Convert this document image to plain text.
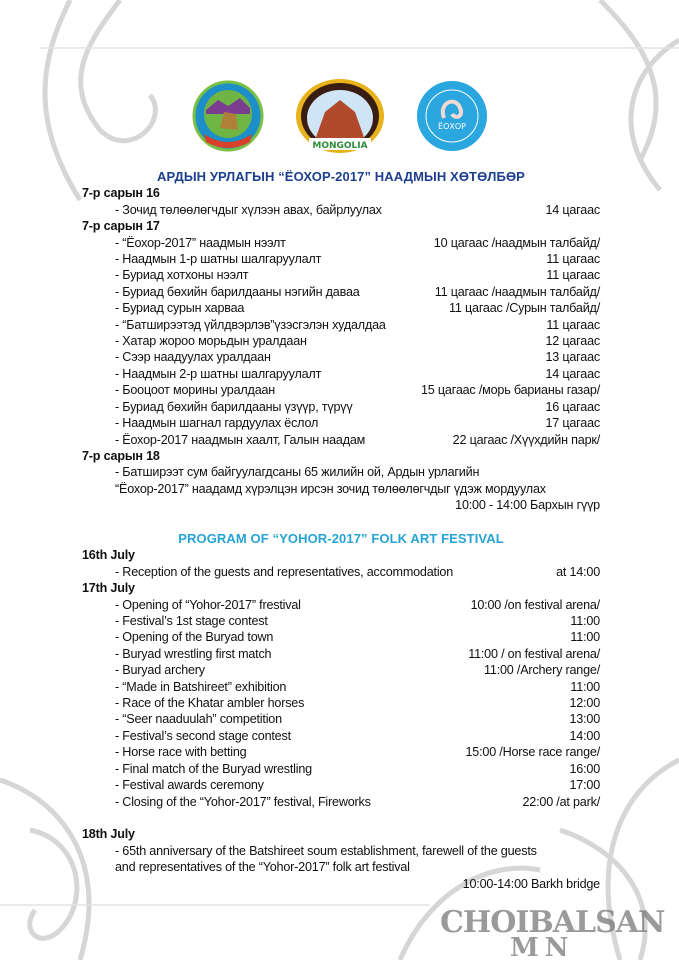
MONGOLIA
ЁОХОР
АРДЫН УРЛАГЫН “ЁОХОР-2017” НААДМЫН ХӨТӨЛБӨР
7-р сарын 16
- Зочид төлөөлөгчдыг хүлээн авах, байрлуулах	14 цагаас
7-р сарын 17
- “Ёохор-2017” наадмын нээлт	10 цагаас /наадмын талбайд/
- Наадмын 1-р шатны шалгаруулалт	11 цагаас
- Буриад хотхоны нээлт	11 цагаас
- Буриад бөхийн барилдааны нэгийн даваа	11 цагаас /наадмын талбайд/
- Буриад сурын харваа	11 цагаас /Сурын талбайд/
- “Батширээтэд үйлдвэрлэв”үзэсгэлэн худалдаа	11 цагаас
- Хатар жороо морьдын уралдаан	12 цагаас
- Сээр наадуулах уралдаан	13 цагаас
- Наадмын 2-р шатны шалгаруулалт	14 цагаас
- Бооцоот морины уралдаан	15 цагаас /морь барианы газар/
- Буриад бөхийн барилдааны үзүүр, түрүү	16 цагаас
- Наадмын шагнал гардуулах ёслол	17 цагаас
- Ёохор-2017 наадмын хаалт, Галын наадам	22 цагаас /Хүүхдийн парк/
7-р сарын 18
- Батширээт сум байгуулагдсаны 65 жилийн ой, Ардын урлагийн
“Ёохор-2017” наадамд хүрэлцэн ирсэн зочид төлөөлөгчдыг үдэж мордуулах
10:00 - 14:00 Бархын гүүр
PROGRAM OF “YOHOR-2017” FOLK ART FESTIVAL
16th July
- Reception of the guests and representatives, accommodation	at 14:00
17th July
- Opening of “Yohor-2017” frestival	10:00 /on festival arena/
- Festival’s 1st stage contest	11:00
- Opening of the Buryad town	11:00
- Buryad wrestling first match	11:00 / on festival arena/
- Buryad archery	11:00 /Archery range/
- “Made in Batshireet” exhibition	11:00
- Race of the Khatar ambler horses	12:00
- “Seer naaduulah” competition	13:00
- Festival’s second stage contest	14:00
- Horse race with betting	15:00 /Horse race range/
- Final match of the Buryad wrestling	16:00
- Festival awards ceremony	17:00
- Closing of the “Yohor-2017” festival, Fireworks	22:00 /at park/
18th July
- 65th anniversary of the Batshireet soum establishment, farewell of the guests
and representatives of the “Yohor-2017” folk art festival
10:00-14:00 Barkh bridge
CHOIBALSAN
MN
